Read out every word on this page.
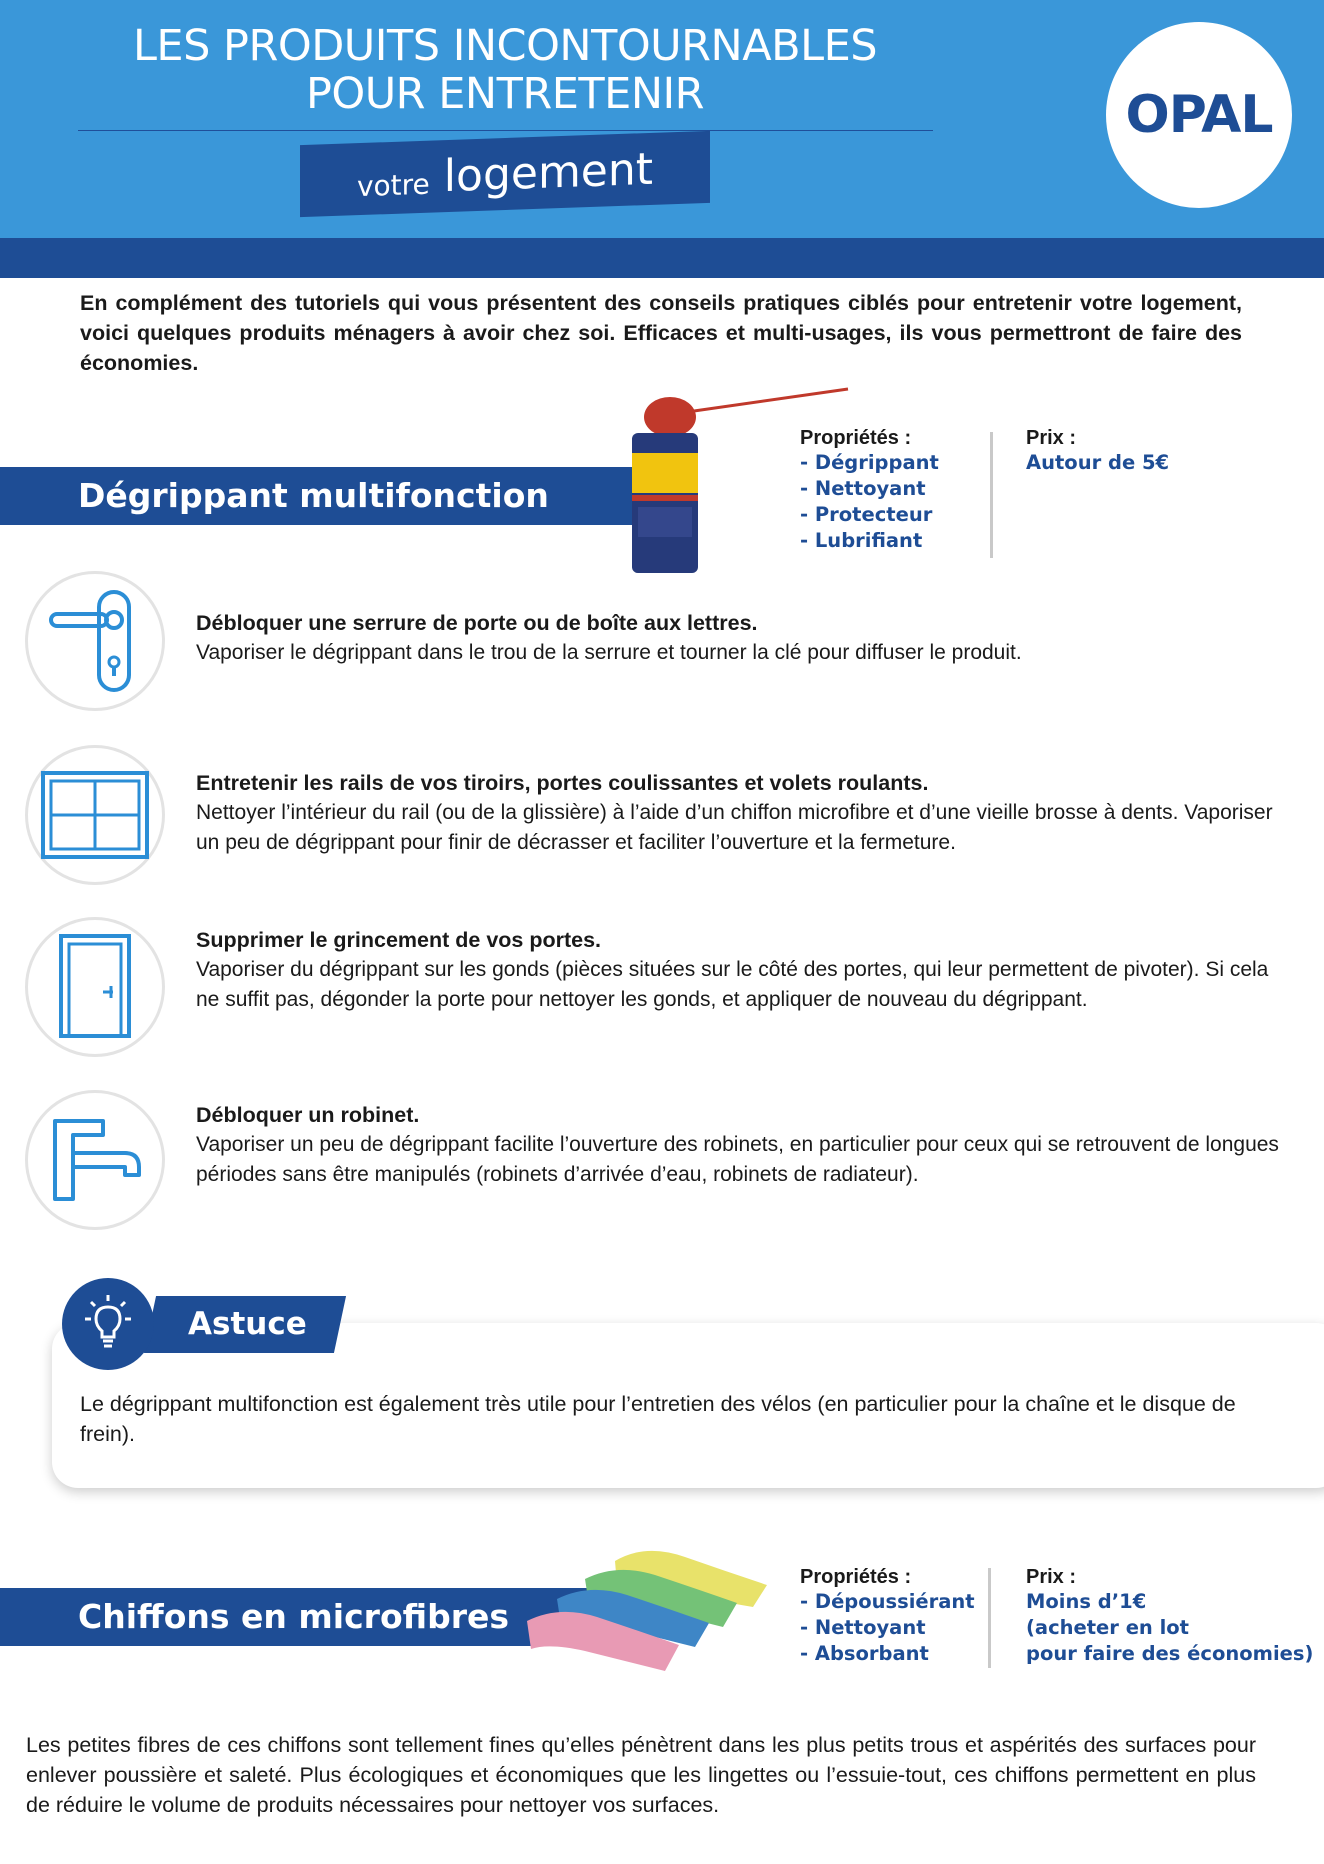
LES PRODUITS INCONTOURNABLES
POUR ENTRETENIR
votre logement
OPAL
En complément des tutoriels qui vous présentent des conseils pratiques ciblés pour entretenir votre logement, voici quelques produits ménagers à avoir chez soi. Efficaces et multi-usages, ils vous permettront de faire des économies.
Dégrippant multifonction
Propriétés :
- Dégrippant
- Nettoyant
- Protecteur
- Lubrifiant
Prix :
Autour de 5€
Débloquer une serrure de porte ou de boîte aux lettres.
Vaporiser le dégrippant dans le trou de la serrure et tourner la clé pour diffuser le produit.
Entretenir les rails de vos tiroirs, portes coulissantes et volets roulants.
Nettoyer l’intérieur du rail (ou de la glissière) à l’aide d’un chiffon microfibre et d’une vieille brosse à dents. Vaporiser un peu de dégrippant pour finir de décrasser et faciliter l’ouverture et la fermeture.
Supprimer le grincement de vos portes.
Vaporiser du dégrippant sur les gonds (pièces situées sur le côté des portes, qui leur permettent de pivoter). Si cela ne suffit pas, dégonder la porte pour nettoyer les gonds, et appliquer de nouveau du dégrippant.
Débloquer un robinet.
Vaporiser un peu de dégrippant facilite l’ouverture des robinets, en particulier pour ceux qui se retrouvent de longues périodes sans être manipulés (robinets d’arrivée d’eau, robinets de radiateur).
Astuce
Le dégrippant multifonction est également très utile pour l’entretien des vélos (en particulier pour la chaîne et le disque de frein).
Chiffons en microfibres
Propriétés :
- Dépoussiérant
- Nettoyant
- Absorbant
Prix :
Moins d’1€
(acheter en lot
pour faire des économies)
Les petites fibres de ces chiffons sont tellement fines qu’elles pénètrent dans les plus petits trous et aspérités des surfaces pour enlever poussière et saleté. Plus écologiques et économiques que les lingettes ou l’essuie-tout, ces chiffons permettent en plus de réduire le volume de produits nécessaires pour nettoyer vos surfaces.
